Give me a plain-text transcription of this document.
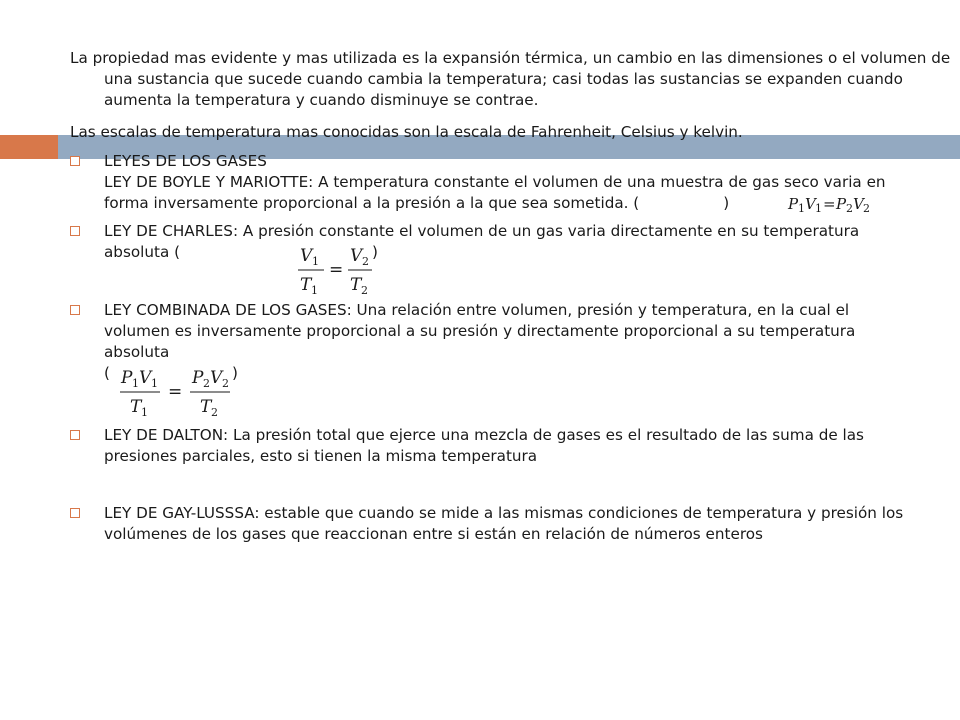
La propiedad mas evidente y mas utilizada es la expansión térmica, un cambio en las dimensiones o el volumen de una sustancia que sucede cuando cambia la temperatura; casi todas las sustancias se expanden cuando aumenta la temperatura y cuando disminuye se contrae.

Las escalas de temperatura mas conocidas son la escala de Fahrenheit, Celsius y kelvin.

LEYES DE LOS GASES
LEY DE BOYLE Y MARIOTTE: A temperatura constante el volumen de una muestra de gas seco varia en forma inversamente proporcional a la presión a la que sea sometida. (	)	P 1 V 1 = P 2 V 2

LEY DE CHARLES: A presión constante el volumen de un gas varia directamente en su temperatura absoluta (	V 1
T 1
=
V 2
T 2
)

LEY COMBINADA DE LOS GASES: Una relación entre volumen, presión y temperatura, en la cual el volumen es inversamente proporcional a su presión y directamente proporcional a su temperatura absoluta

( P 1 V 1
T 1
=
P 2 V 2
T 2
)

LEY DE DALTON: La presión total que ejerce una mezcla de gases es el resultado de las suma de las presiones parciales, esto si tienen la misma temperatura

LEY DE GAY-LUSSSA: estable que cuando se mide a las mismas condiciones de temperatura y presión los volúmenes de los gases que reaccionan entre si están en relación de números enteros
